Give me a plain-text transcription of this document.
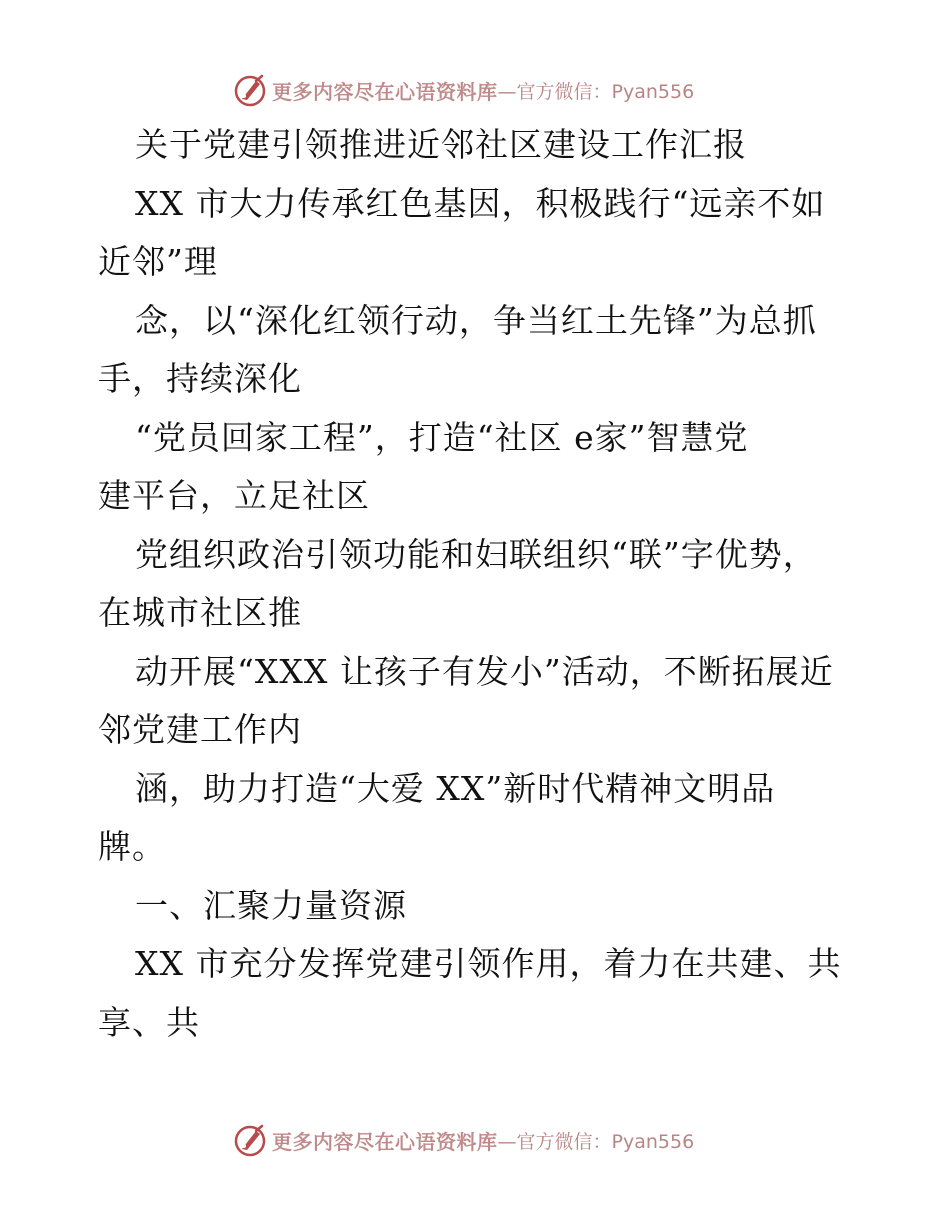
更多内容尽在心语资料库 —官方微信：Pyan556
关于党建引领推进近邻社区建设工作汇报
XX 市大力传承红色基因，积极践行“远亲不如
近邻”理
念，以“深化红领行动，争当红土先锋”为总抓
手，持续深化
“党员回家工程”，打造“社区 e家”智慧党
建平台，立足社区
党组织政治引领功能和妇联组织“联”字优势，
在城市社区推
动开展“XXX 让孩子有发小”活动，不断拓展近
邻党建工作内
涵，助力打造“大爱 XX”新时代精神文明品
牌。
一、汇聚力量资源
XX 市充分发挥党建引领作用，着力在共建、共
享、共
更多内容尽在心语资料库 —官方微信：Pyan556
